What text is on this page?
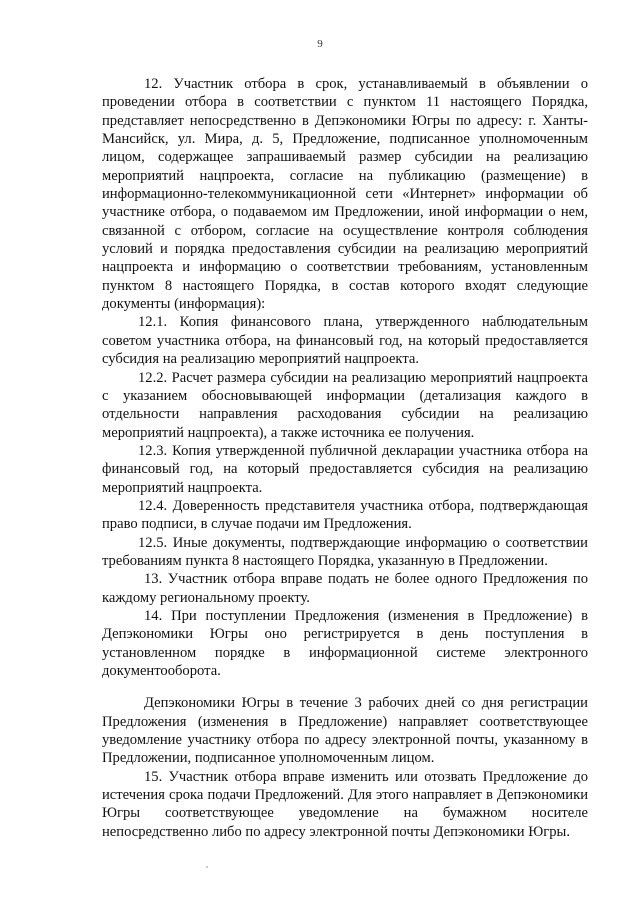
9

12. Участник отбора в срок, устанавливаемый в объявлении о проведении отбора в соответствии с пунктом 11 настоящего Порядка, представляет непосредственно в Депэкономики Югры по адресу: г. Ханты-Мансийск, ул. Мира, д. 5, Предложение, подписанное уполномоченным лицом, содержащее запрашиваемый размер субсидии на реализацию мероприятий нацпроекта, согласие на публикацию (размещение) в информационно-телекоммуникационной сети «Интернет» информации об участнике отбора, о подаваемом им Предложении, иной информации о нем, связанной с отбором, согласие на осуществление контроля соблюдения условий и порядка предоставления субсидии на реализацию мероприятий нацпроекта и информацию о соответствии требованиям, установленным пунктом 8 настоящего Порядка, в состав которого входят следующие документы (информация):

12.1. Копия финансового плана, утвержденного наблюдательным советом участника отбора, на финансовый год, на который предоставляется субсидия на реализацию мероприятий нацпроекта.

12.2. Расчет размера субсидии на реализацию мероприятий нацпроекта с указанием обосновывающей информации (детализация каждого в отдельности направления расходования субсидии на реализацию мероприятий нацпроекта), а также источника ее получения.

12.3. Копия утвержденной публичной декларации участника отбора на финансовый год, на который предоставляется субсидия на реализацию мероприятий нацпроекта.

12.4. Доверенность представителя участника отбора, подтверждающая право подписи, в случае подачи им Предложения.

12.5. Иные документы, подтверждающие информацию о соответствии требованиям пункта 8 настоящего Порядка, указанную в Предложении.

13. Участник отбора вправе подать не более одного Предложения по каждому региональному проекту.

14. При поступлении Предложения (изменения в Предложение) в Депэкономики Югры оно регистрируется в день поступления в установленном порядке в информационной системе электронного документооборота.

Депэкономики Югры в течение 3 рабочих дней со дня регистрации Предложения (изменения в Предложение) направляет соответствующее уведомление участнику отбора по адресу электронной почты, указанному в Предложении, подписанное уполномоченным лицом.

15. Участник отбора вправе изменить или отозвать Предложение до истечения срока подачи Предложений. Для этого направляет в Депэкономики Югры соответствующее уведомление на бумажном носителе непосредственно либо по адресу электронной почты Депэкономики Югры.
